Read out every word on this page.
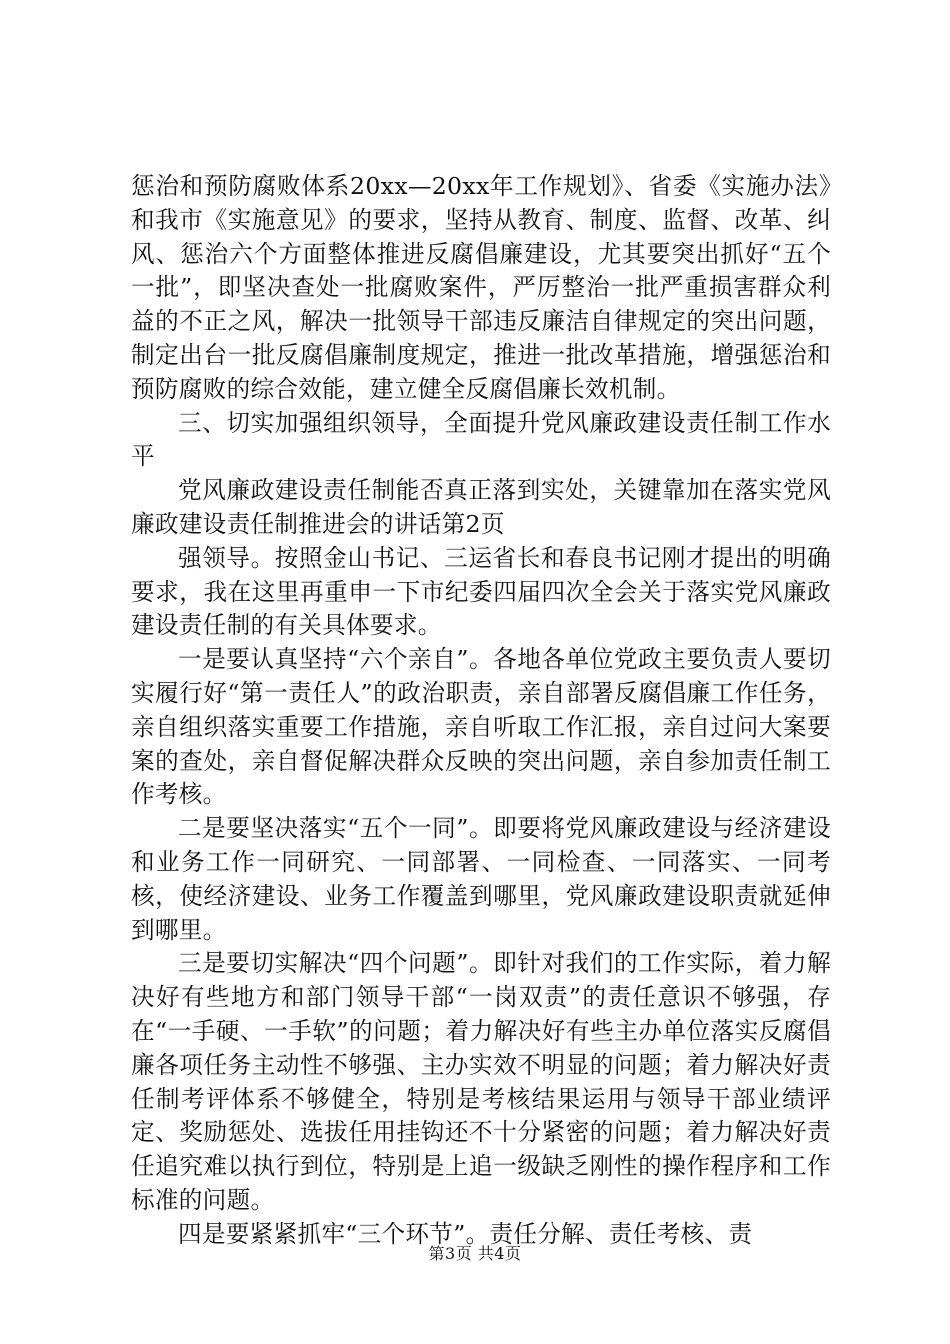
惩治和预防腐败体系20xx—20xx年工作规划》、省委《实施办法》和我市《实施意见》的要求，坚持从教育、制度、监督、改革、纠风、惩治六个方面整体推进反腐倡廉建设，尤其要突出抓好“五个一批”，即坚决查处一批腐败案件，严厉整治一批严重损害群众利益的不正之风，解决一批领导干部违反廉洁自律规定的突出问题，制定出台一批反腐倡廉制度规定，推进一批改革措施，增强惩治和预防腐败的综合效能，建立健全反腐倡廉长效机制。

三、切实加强组织领导，全面提升党风廉政建设责任制工作水平

党风廉政建设责任制能否真正落到实处，关键靠加在落实党风廉政建设责任制推进会的讲话第2页

强领导。按照金山书记、三运省长和春良书记刚才提出的明确要求，我在这里再重申一下市纪委四届四次全会关于落实党风廉政建设责任制的有关具体要求。

一是要认真坚持“六个亲自”。各地各单位党政主要负责人要切实履行好“第一责任人”的政治职责，亲自部署反腐倡廉工作任务，亲自组织落实重要工作措施，亲自听取工作汇报，亲自过问大案要案的查处，亲自督促解决群众反映的突出问题，亲自参加责任制工作考核。

二是要坚决落实“五个一同”。即要将党风廉政建设与经济建设和业务工作一同研究、一同部署、一同检查、一同落实、一同考核，使经济建设、业务工作覆盖到哪里，党风廉政建设职责就延伸到哪里。

三是要切实解决“四个问题”。即针对我们的工作实际，着力解决好有些地方和部门领导干部“一岗双责”的责任意识不够强，存在“一手硬、一手软”的问题；着力解决好有些主办单位落实反腐倡廉各项任务主动性不够强、主办实效不明显的问题；着力解决好责任制考评体系不够健全，特别是考核结果运用与领导干部业绩评定、奖励惩处、选拔任用挂钩还不十分紧密的问题；着力解决好责任追究难以执行到位，特别是上追一级缺乏刚性的操作程序和工作标准的问题。

四是要紧紧抓牢“三个环节”。责任分解、责任考核、责

第3页 共4页
